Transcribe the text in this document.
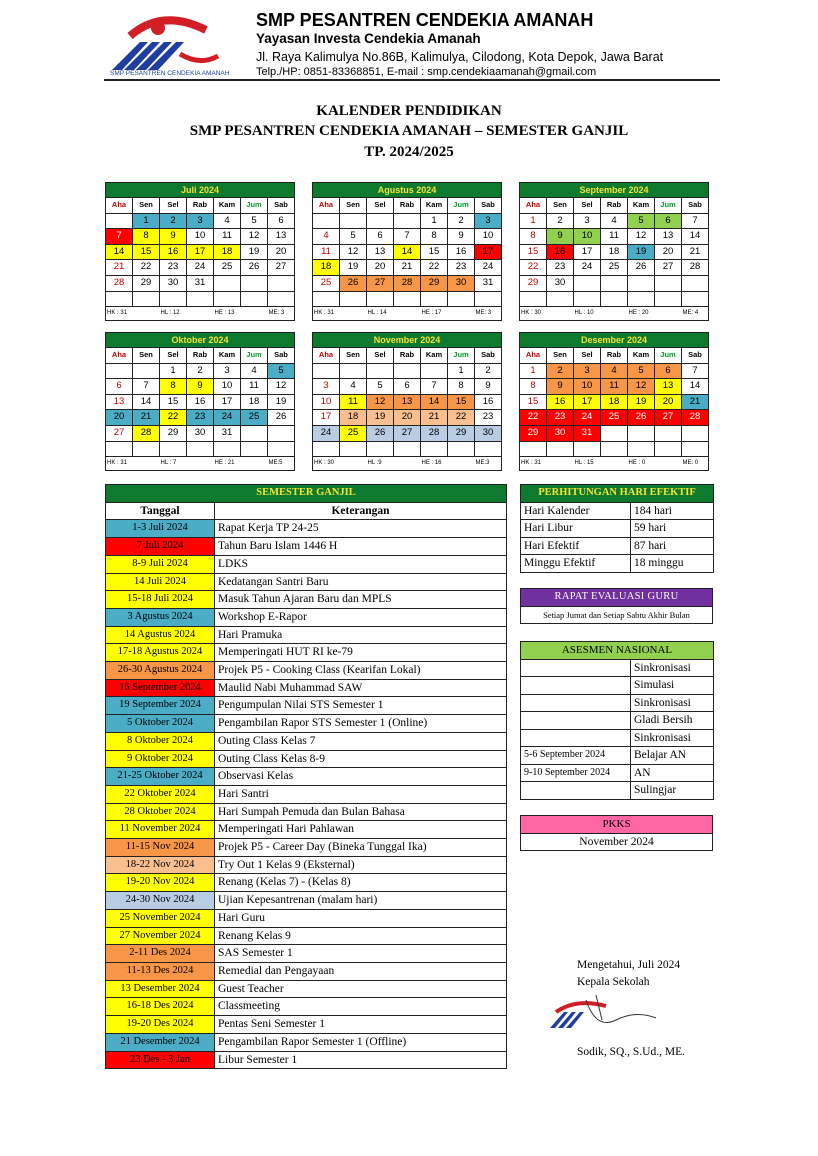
SMP PESANTREN CENDEKIA AMANAH
SMP PESANTREN CENDEKIA AMANAH
Yayasan Investa Cendekia Amanah
Jl. Raya Kalimulya No.86B, Kalimulya, Cilodong, Kota Depok, Jawa Barat
Telp./HP: 0851-83368851, E-mail : smp.cendekiaamanah@gmail.com
KALENDER PENDIDIKAN
SMP PESANTREN CENDEKIA AMANAH – SEMESTER GANJIL
TP. 2024/2025
Juli 2024						
Aha	Sen	Sel	Rab	Kam	Jum	Sab
	1	2	3	4	5	6
7	8	9	10	11	12	13
14	15	16	17	18	19	20
21	22	23	24	25	26	27
28	29	30	31			

HK : 31		HL : 12		HE : 13		ME: 3
Agustus 2024						
Aha	Sen	Sel	Rab	Kam	Jum	Sab
				1	2	3
4	5	6	7	8	9	10
11	12	13	14	15	16	17
18	19	20	21	22	23	24
25	26	27	28	29	30	31

HK : 31		HL : 14		HE : 17		ME: 3
September 2024						
Aha	Sen	Sel	Rab	Kam	Jum	Sab
1	2	3	4	5	6	7
8	9	10	11	12	13	14
15	16	17	18	19	20	21
22	23	24	25	26	27	28
29	30					

HK : 30		HL : 10		HE : 20		ME: 4
Oktober 2024						
Aha	Sen	Sel	Rab	Kam	Jum	Sab
		1	2	3	4	5
6	7	8	9	10	11	12
13	14	15	16	17	18	19
20	21	22	23	24	25	26
27	28	29	30	31		

HK : 31		HL : 7		HE : 21		ME:5
November 2024						
Aha	Sen	Sel	Rab	Kam	Jum	Sab
					1	2
3	4	5	6	7	8	9
10	11	12	13	14	15	16
17	18	19	20	21	22	23
24	25	26	27	28	29	30

HK : 30		HL :9		HE : 16		ME:3
Desember 2024						
Aha	Sen	Sel	Rab	Kam	Jum	Sab
1	2	3	4	5	6	7
8	9	10	11	12	13	14
15	16	17	18	19	20	21
22	23	24	25	26	27	28
29	30	31				

HK : 31		HL : 15		HE : 0		ME: 0
SEMESTER GANJIL	
Tanggal	Keterangan
1-3 Juli 2024	Rapat Kerja TP 24-25
7 Juli 2024	Tahun Baru Islam 1446 H
8-9 Juli 2024	LDKS
14 Juli 2024	Kedatangan Santri Baru
15-18 Juli 2024	Masuk Tahun Ajaran Baru dan MPLS
3 Agustus 2024	Workshop E-Rapor
14 Agustus 2024	Hari Pramuka
17-18 Agustus 2024	Memperingati HUT RI ke-79
26-30 Agustus 2024	Projek P5 - Cooking Class (Kearifan Lokal)
16 September 2024	Maulid Nabi Muhammad SAW
19 September 2024	Pengumpulan Nilai STS Semester 1
5 Oktober 2024	Pengambilan Rapor STS Semester 1 (Online)
8 Oktober 2024	Outing Class Kelas 7
9 Oktober 2024	Outing Class Kelas 8-9
21-25 Oktober 2024	Observasi Kelas
22 Oktober 2024	Hari Santri
28 Oktober 2024	Hari Sumpah Pemuda dan Bulan Bahasa
11 November 2024	Memperingati Hari Pahlawan
11-15 Nov 2024	Projek P5 - Career Day (Bineka Tunggal Ika)
18-22 Nov 2024	Try Out 1 Kelas 9 (Eksternal)
19-20 Nov 2024	Renang (Kelas 7) - (Kelas 8)
24-30 Nov 2024	Ujian Kepesantrenan (malam hari)
25 November 2024	Hari Guru
27 November 2024	Renang Kelas 9
2-11 Des 2024	SAS Semester 1
11-13 Des 2024	Remedial dan Pengayaan
13 Desember 2024	Guest Teacher
16-18 Des 2024	Classmeeting
19-20 Des 2024	Pentas Seni Semester 1
21 Desember 2024	Pengambilan Rapor Semester 1 (Offline)
23 Des - 3 Jan	Libur Semester 1
PERHITUNGAN HARI EFEKTIF	
Hari Kalender	184 hari
Hari Libur	59 hari
Hari Efektif	87 hari
Minggu Efektif	18 minggu
RAPAT EVALUASI GURU
Setiap Jumat dan Setiap Sabtu Akhir Bulan
ASESMEN NASIONAL	
	Sinkronisasi
	Simulasi
	Sinkronisasi
	Gladi Bersih
	Sinkronisasi
5-6 September 2024	Belajar AN
9-10 September 2024	AN
	Sulingjar
PKKS
November 2024
Mengetahui, Juli 2024
Kepala Sekolah
Sodik, SQ., S.Ud., ME.
